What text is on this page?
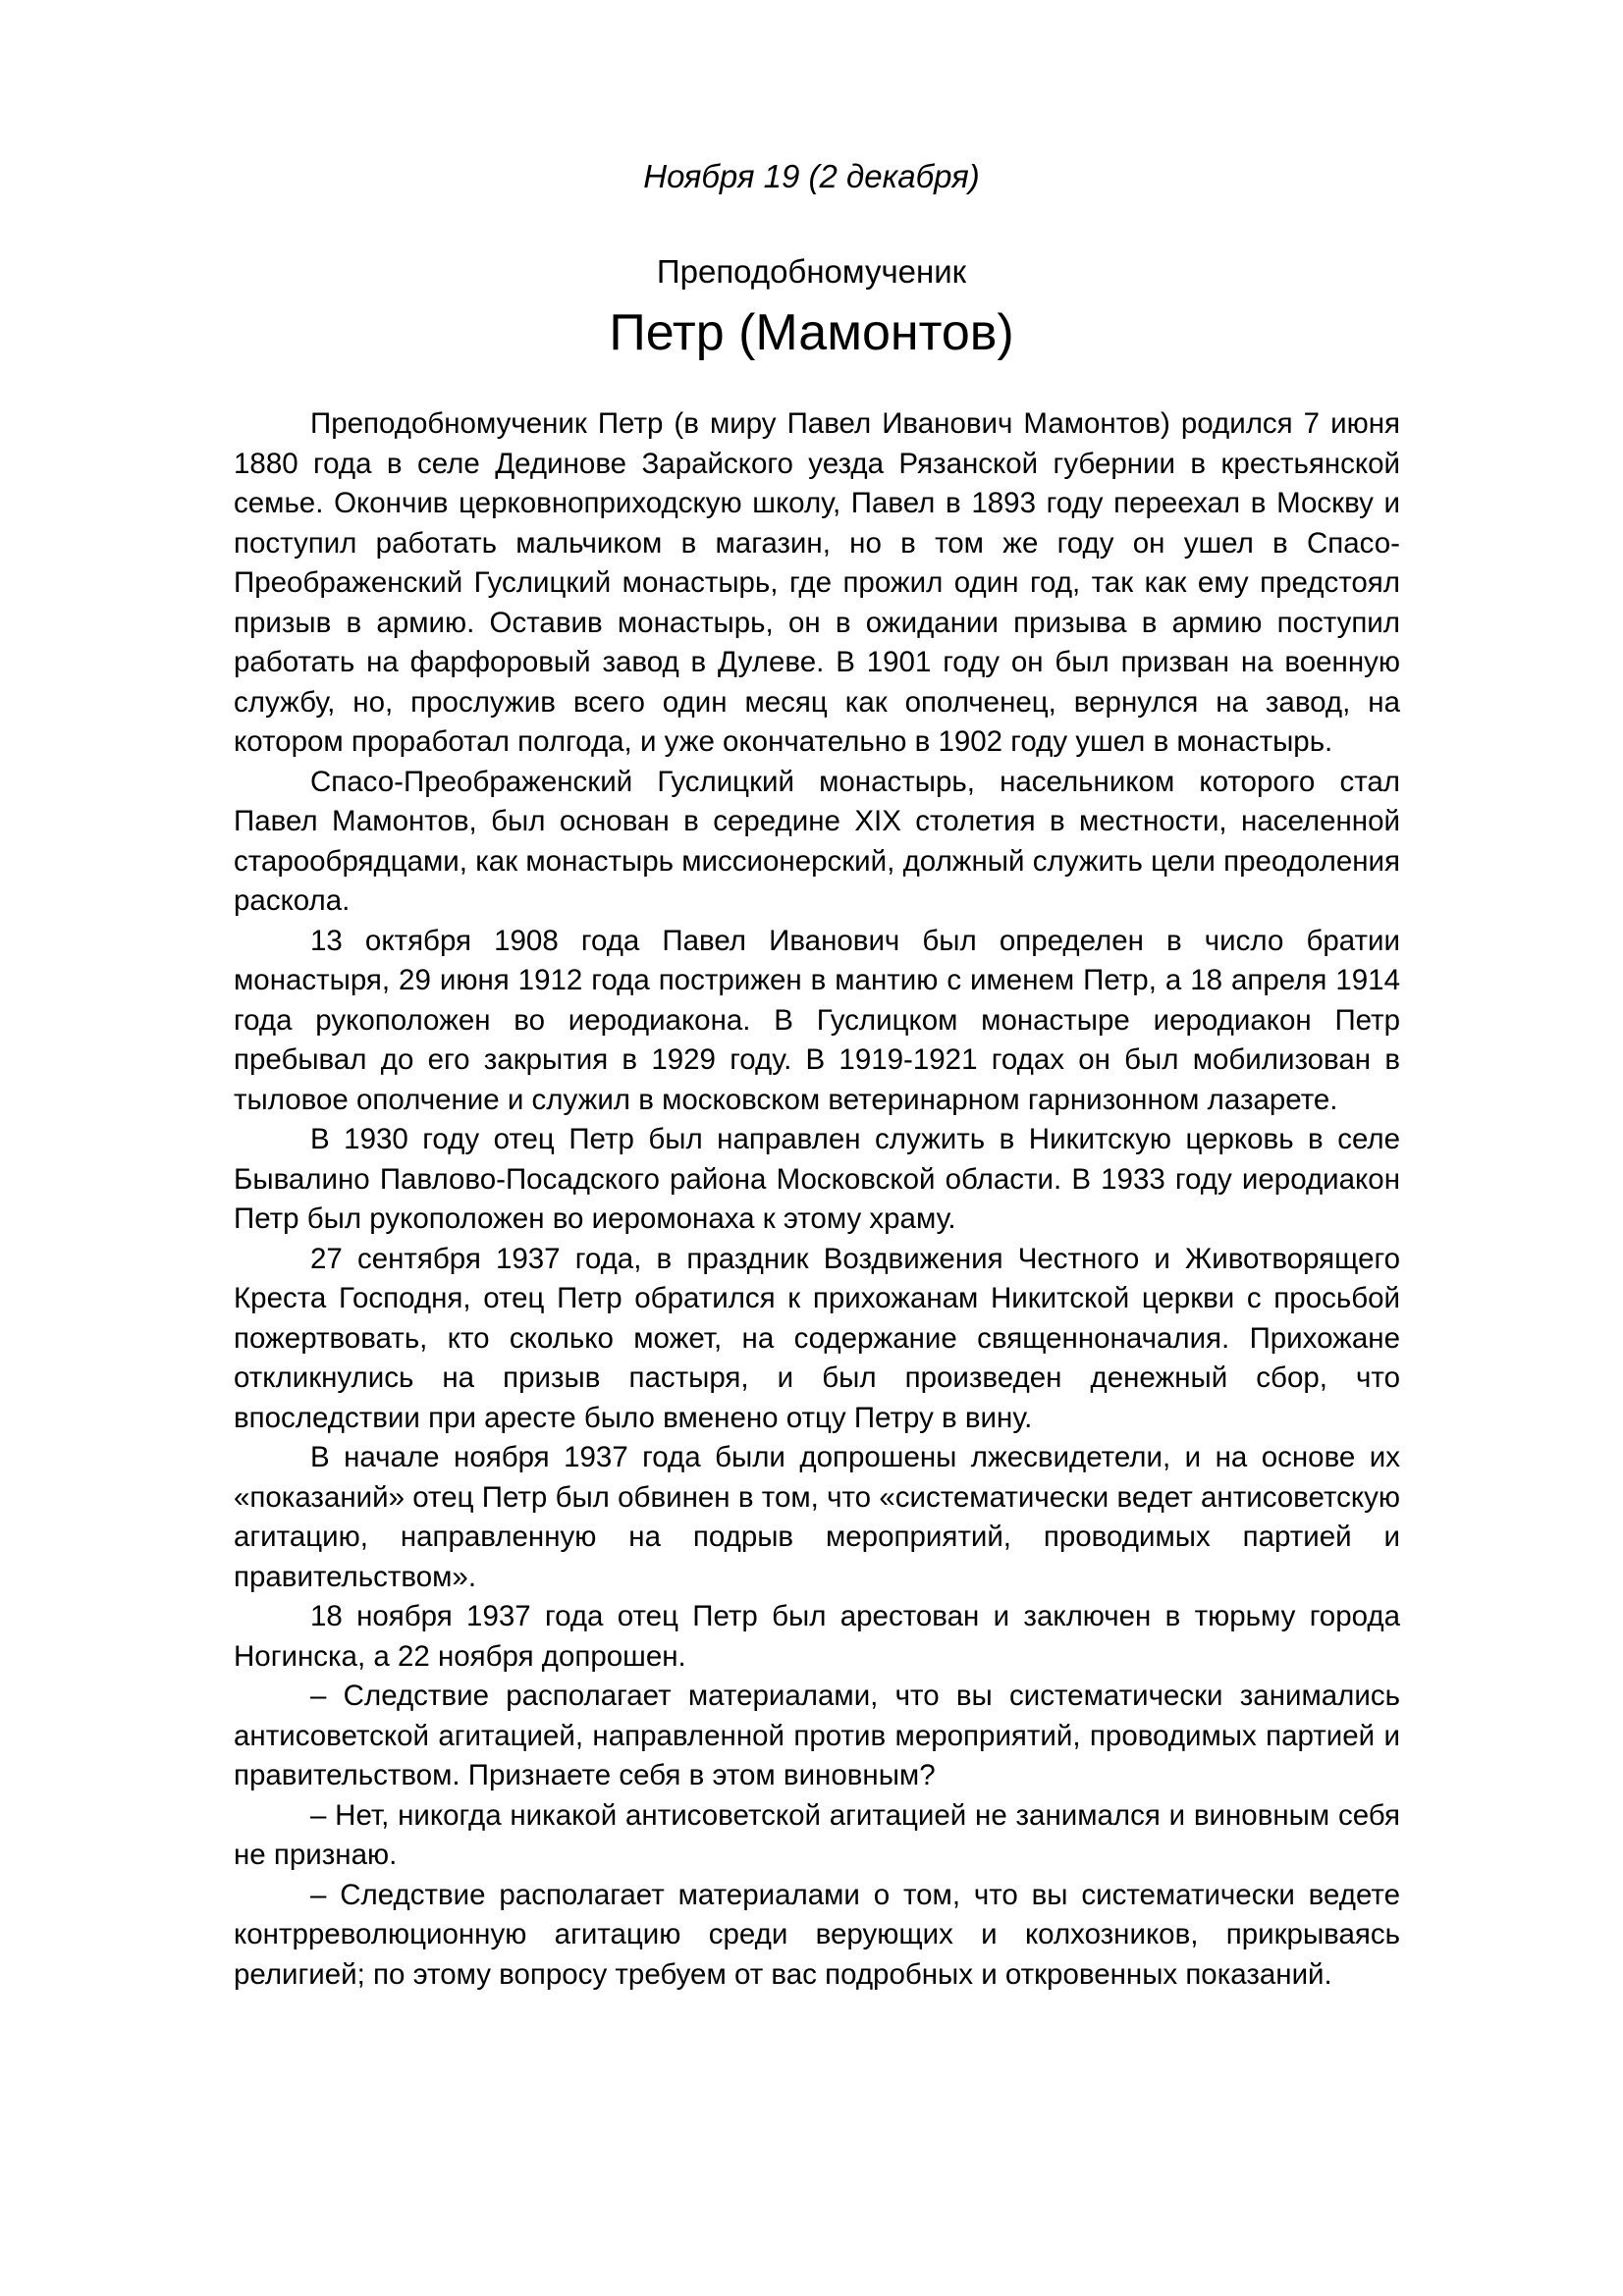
Ноября 19 (2 декабря)
Преподобномученик
Петр (Мамонтов)

Преподобномученик Петр (в миру Павел Иванович Мамонтов) родился 7 июня 1880 года в селе Дединове Зарайского уезда Рязанской губернии в крестьянской семье. Окончив церковноприходскую школу, Павел в 1893 году переехал в Москву и поступил работать мальчиком в магазин, но в том же году он ушел в Спасо-Преображенский Гуслицкий монастырь, где прожил один год, так как ему предстоял призыв в армию. Оставив монастырь, он в ожидании призыва в армию поступил работать на фарфоровый завод в Дулеве. В 1901 году он был призван на военную службу, но, прослужив всего один месяц как ополченец, вернулся на завод, на котором проработал полгода, и уже окончательно в 1902 году ушел в монастырь.

Спасо-Преображенский Гуслицкий монастырь, насельником которого стал Павел Мамонтов, был основан в середине XIX столетия в местности, населенной старообрядцами, как монастырь миссионерский, должный служить цели преодоления раскола.

13 октября 1908 года Павел Иванович был определен в число братии монастыря, 29 июня 1912 года пострижен в мантию с именем Петр, а 18 апреля 1914 года рукоположен во иеродиакона. В Гуслицком монастыре иеродиакон Петр пребывал до его закрытия в 1929 году. В 1919-1921 годах он был мобилизован в тыловое ополчение и служил в московском ветеринарном гарнизонном лазарете.

В 1930 году отец Петр был направлен служить в Никитскую церковь в селе Бывалино Павлово-Посадского района Московской области. В 1933 году иеродиакон Петр был рукоположен во иеромонаха к этому храму.

27 сентября 1937 года, в праздник Воздвижения Честного и Животворящего Креста Господня, отец Петр обратился к прихожанам Никитской церкви с просьбой пожертвовать, кто сколько может, на содержание священноначалия. Прихожане откликнулись на призыв пастыря, и был произведен денежный сбор, что впоследствии при аресте было вменено отцу Петру в вину.

В начале ноября 1937 года были допрошены лжесвидетели, и на основе их «показаний» отец Петр был обвинен в том, что «систематически ведет антисоветскую агитацию, направленную на подрыв мероприятий, проводимых партией и правительством».

18 ноября 1937 года отец Петр был арестован и заключен в тюрьму города Ногинска, а 22 ноября допрошен.

– Следствие располагает материалами, что вы систематически занимались антисоветской агитацией, направленной против мероприятий, проводимых партией и правительством. Признаете себя в этом виновным?

– Нет, никогда никакой антисоветской агитацией не занимался и виновным себя не признаю.

– Следствие располагает материалами о том, что вы систематически ведете контрреволюционную агитацию среди верующих и колхозников, прикрываясь религией; по этому вопросу требуем от вас подробных и откровенных показаний.
